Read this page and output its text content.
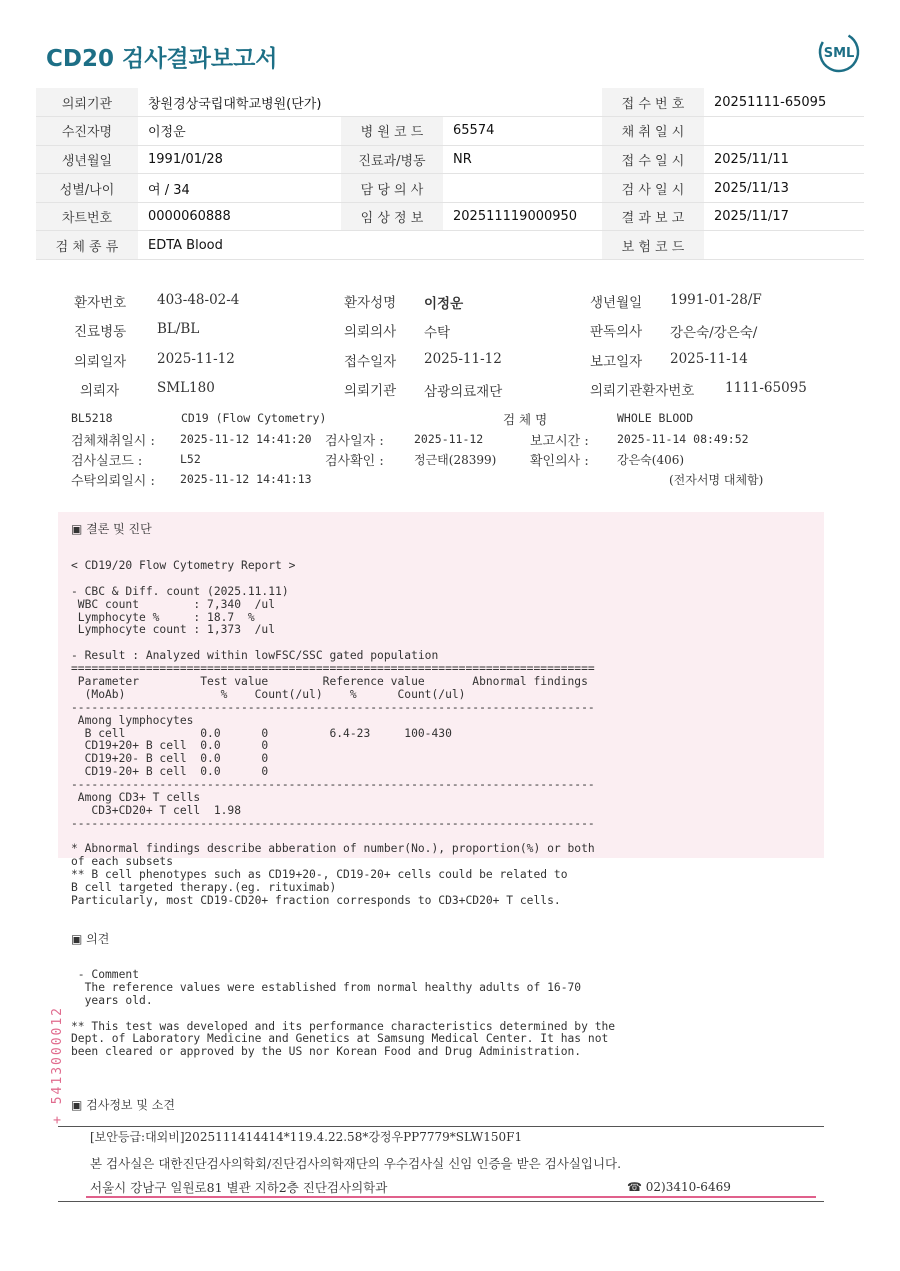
CD20 검사결과보고서	SML
의뢰기관	창원경상국립대학교병원(단가)			접 수 번 호	20251111-65095
수진자명	이정운	병 원 코 드	65574	채 취 일 시	
생년월일	1991/01/28	진료과/병동	NR	접 수 일 시	2025/11/11
성별/나이	여 / 34	담 당 의 사		검 사 일 시	2025/11/13
차트번호	0000060888	임 상 정 보	202511119000950	결 과 보 고	2025/11/17
검 체 종 류	EDTA Blood			보 험 코 드	
환자번호 403-48-02-4	환자성명 이정운	생년월일 1991-01-28/F
진료병동 BL/BL	의뢰의사 수탁	판독의사 강은숙/강은숙/
의뢰일자 2025-11-12	접수일자 2025-11-12	보고일자 2025-11-14
의뢰자	SML180	의뢰기관 삼광의료재단	의뢰기관환자번호 1111-65095
BL5218	CD19 (Flow Cytometry)	검 체 명	WHOLE BLOOD
검체채취일시 : 2025-11-12 14:41:20 검사일자 :	2025-11-12	보고시간 : 2025-11-14 08:49:52
검사실코드 :	L52	검사확인 :	정근태(28399)	확인의사 : 강은숙(406)
수탁의뢰일시 : 2025-11-12 14:41:13	(전자서명 대체함)
▣ 결론 및 진단
< CD19/20 Flow Cytometry Report >
- CBC & Diff. count (2025.11.11)
WBC count        : 7,340  /ul
Lymphocyte %     : 18.7  %
Lymphocyte count : 1,373  /ul
- Result : Analyzed within lowFSC/SSC gated population
=============================================================================
Parameter         Test value        Reference value       Abnormal findings
(MoAb)              %    Count(/ul)    %      Count(/ul)
-----------------------------------------------------------------------------
Among lymphocytes
B cell           0.0      0         6.4-23     100-430
CD19+20+ B cell  0.0      0
CD19+20- B cell  0.0      0
CD19-20+ B cell  0.0      0
-----------------------------------------------------------------------------
Among CD3+ T cells
CD3+CD20+ T cell  1.98
-----------------------------------------------------------------------------
* Abnormal findings describe abberation of number(No.), proportion(%) or both
of each subsets
** B cell phenotypes such as CD19+20-, CD19-20+ cells could be related to
B cell targeted therapy.(eg. rituximab)
Particularly, most CD19-CD20+ fraction corresponds to CD3+CD20+ T cells.
▣ 의견
- Comment
The reference values were established from normal healthy adults of 16-70
years old.
** This test was developed and its performance characteristics determined by the
Dept. of Laboratory Medicine and Genetics at Samsung Medical Center. It has not
been cleared or approved by the US nor Korean Food and Drug Administration.
▣ 검사정보 및 소견
[보안등급:대외비]2025111414414*119.4.22.58*강정우PP7779*SLW150F1
본 검사실은 대한진단검사의학회/진단검사의학재단의 우수검사실 신임 인증을 받은 검사실입니다.
서울시 강남구 일원로81 별관 지하2층 진단검사의학과	☎ 02)3410-6469
+ 5413000012
